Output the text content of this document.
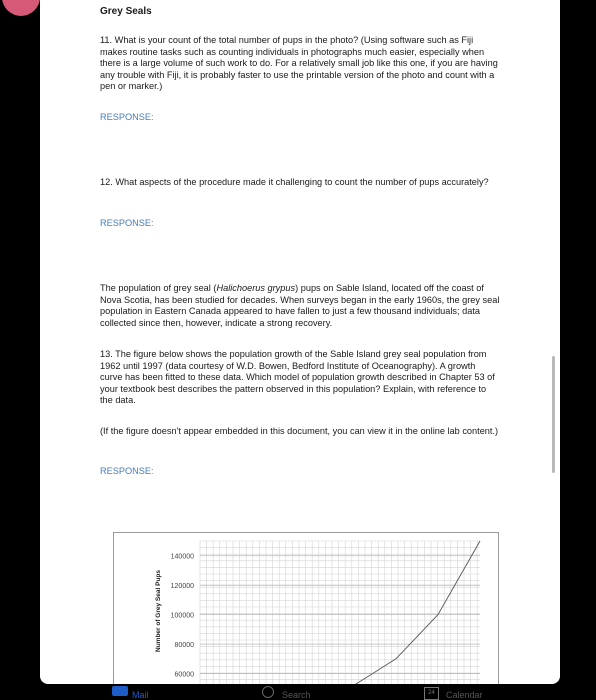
Grey Seals

11. What is your count of the total number of pups in the photo? (Using software such as Fiji makes routine tasks such as counting individuals in photographs much easier, especially when there is a large volume of such work to do. For a relatively small job like this one, if you are having any trouble with Fiji, it is probably faster to use the printable version of the photo and count with a pen or marker.)

RESPONSE:

12. What aspects of the procedure made it challenging to count the number of pups accurately?

RESPONSE:

The population of grey seal (Halichoerus grypus) pups on Sable Island, located off the coast of Nova Scotia, has been studied for decades. When surveys began in the early 1960s, the grey seal population in Eastern Canada appeared to have fallen to just a few thousand individuals; data collected since then, however, indicate a strong recovery.

13. The figure below shows the population growth of the Sable Island grey seal population from 1962 until 1997 (data courtesy of W.D. Bowen, Bedford Institute of Oceanography). A growth curve has been fitted to these data. Which model of population growth described in Chapter 53 of your textbook best describes the pattern observed in this population? Explain, with reference to the data.

(If the figure doesn't appear embedded in this document, you can view it in the online lab content.)

RESPONSE:
140000
120000
100000
80000
60000
Number of Grey Seal Pups
Mail	Search	24	Calendar
